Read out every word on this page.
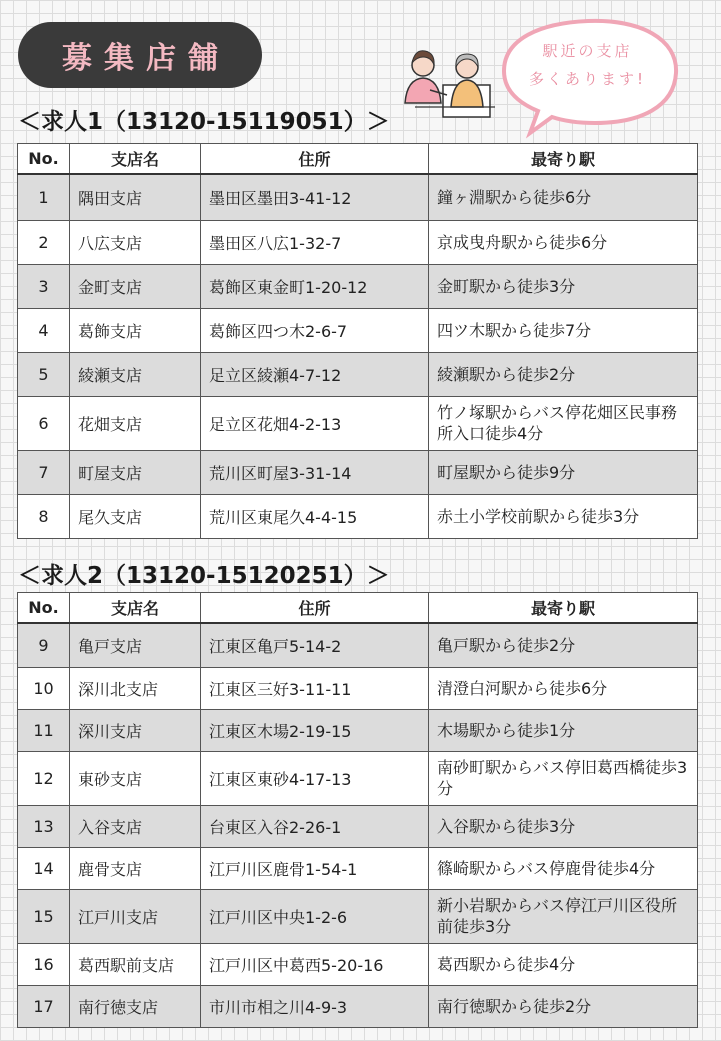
募集店舗	駅近の支店
多くあります!
＜求人1（13120-15119051）＞
No.	支店名	住所	最寄り駅
1	隅田支店	墨田区墨田3-41-12	鐘ヶ淵駅から徒歩6分
2	八広支店	墨田区八広1-32-7	京成曳舟駅から徒歩6分
3	金町支店	葛飾区東金町1-20-12	金町駅から徒歩3分
4	葛飾支店	葛飾区四つ木2-6-7	四ツ木駅から徒歩7分
5	綾瀬支店	足立区綾瀬4-7-12	綾瀬駅から徒歩2分
6	花畑支店	足立区花畑4-2-13	竹ノ塚駅からバス停花畑区民事務所入口徒歩4分
7	町屋支店	荒川区町屋3-31-14	町屋駅から徒歩9分
8	尾久支店	荒川区東尾久4-4-15	赤土小学校前駅から徒歩3分
＜求人2（13120-15120251）＞
No.	支店名	住所	最寄り駅
9	亀戸支店	江東区亀戸5-14-2	亀戸駅から徒歩2分
10	深川北支店	江東区三好3-11-11	清澄白河駅から徒歩6分
11	深川支店	江東区木場2-19-15	木場駅から徒歩1分
12	東砂支店	江東区東砂4-17-13	南砂町駅からバス停旧葛西橋徒歩3分
13	入谷支店	台東区入谷2-26-1	入谷駅から徒歩3分
14	鹿骨支店	江戸川区鹿骨1-54-1	篠崎駅からバス停鹿骨徒歩4分
15	江戸川支店	江戸川区中央1-2-6	新小岩駅からバス停江戸川区役所前徒歩3分
16	葛西駅前支店	江戸川区中葛西5-20-16	葛西駅から徒歩4分
17	南行徳支店	市川市相之川4-9-3	南行徳駅から徒歩2分
